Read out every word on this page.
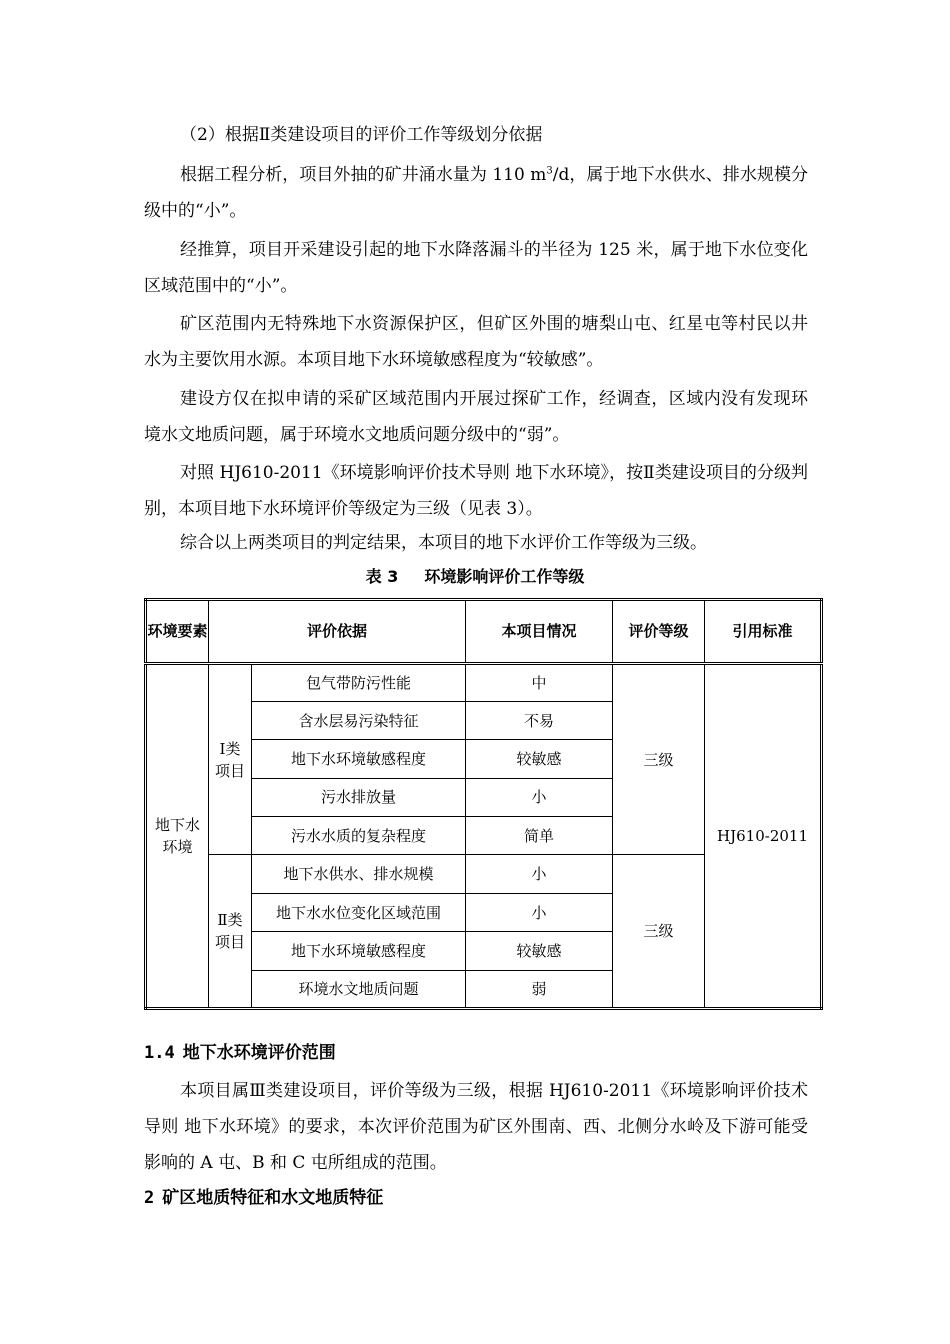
（2）根据Ⅱ类建设项目的评价工作等级划分依据

根据工程分析，项目外抽的矿井涌水量为 110 $m^3/d$，属于地下水供水、排水规模分级中的“小”。

经推算，项目开采建设引起的地下水降落漏斗的半径为 125 米，属于地下水位变化区域范围中的“小”。

矿区范围内无特殊地下水资源保护区，但矿区外围的塘梨山屯、红星屯等村民以井水为主要饮用水源。本项目地下水环境敏感程度为“较敏感”。

建设方仅在拟申请的采矿区域范围内开展过探矿工作，经调查，区域内没有发现环境水文地质问题，属于环境水文地质问题分级中的“弱”。

对照 HJ610-2011《环境影响评价技术导则 地下水环境》，按Ⅱ类建设项目的分级判别，本项目地下水环境评价等级定为三级（见表 3）。

综合以上两类项目的判定结果，本项目的地下水评价工作等级为三级。

表 3 环境影响评价工作等级
环境要素	评价依据		本项目情况	评价等级	引用标准
地下水环境	Ⅰ类项目	包气带防污性能	中	三级	HJ610-2011
		含水层易污染特征	不易		
		地下水环境敏感程度	较敏感		
		污水排放量	小		
		污水水质的复杂程度	简单		
	Ⅱ类项目	地下水供水、排水规模	小	三级	
		地下水水位变化区域范围	小		
		地下水环境敏感程度	较敏感		
		环境水文地质问题	弱		
1.4 地下水环境评价范围

本项目属Ⅲ类建设项目，评价等级为三级，根据 HJ610-2011《环境影响评价技术导则 地下水环境》的要求，本次评价范围为矿区外围南、西、北侧分水岭及下游可能受影响的 A 屯、B 和 C 屯所组成的范围。

2 矿区地质特征和水文地质特征
